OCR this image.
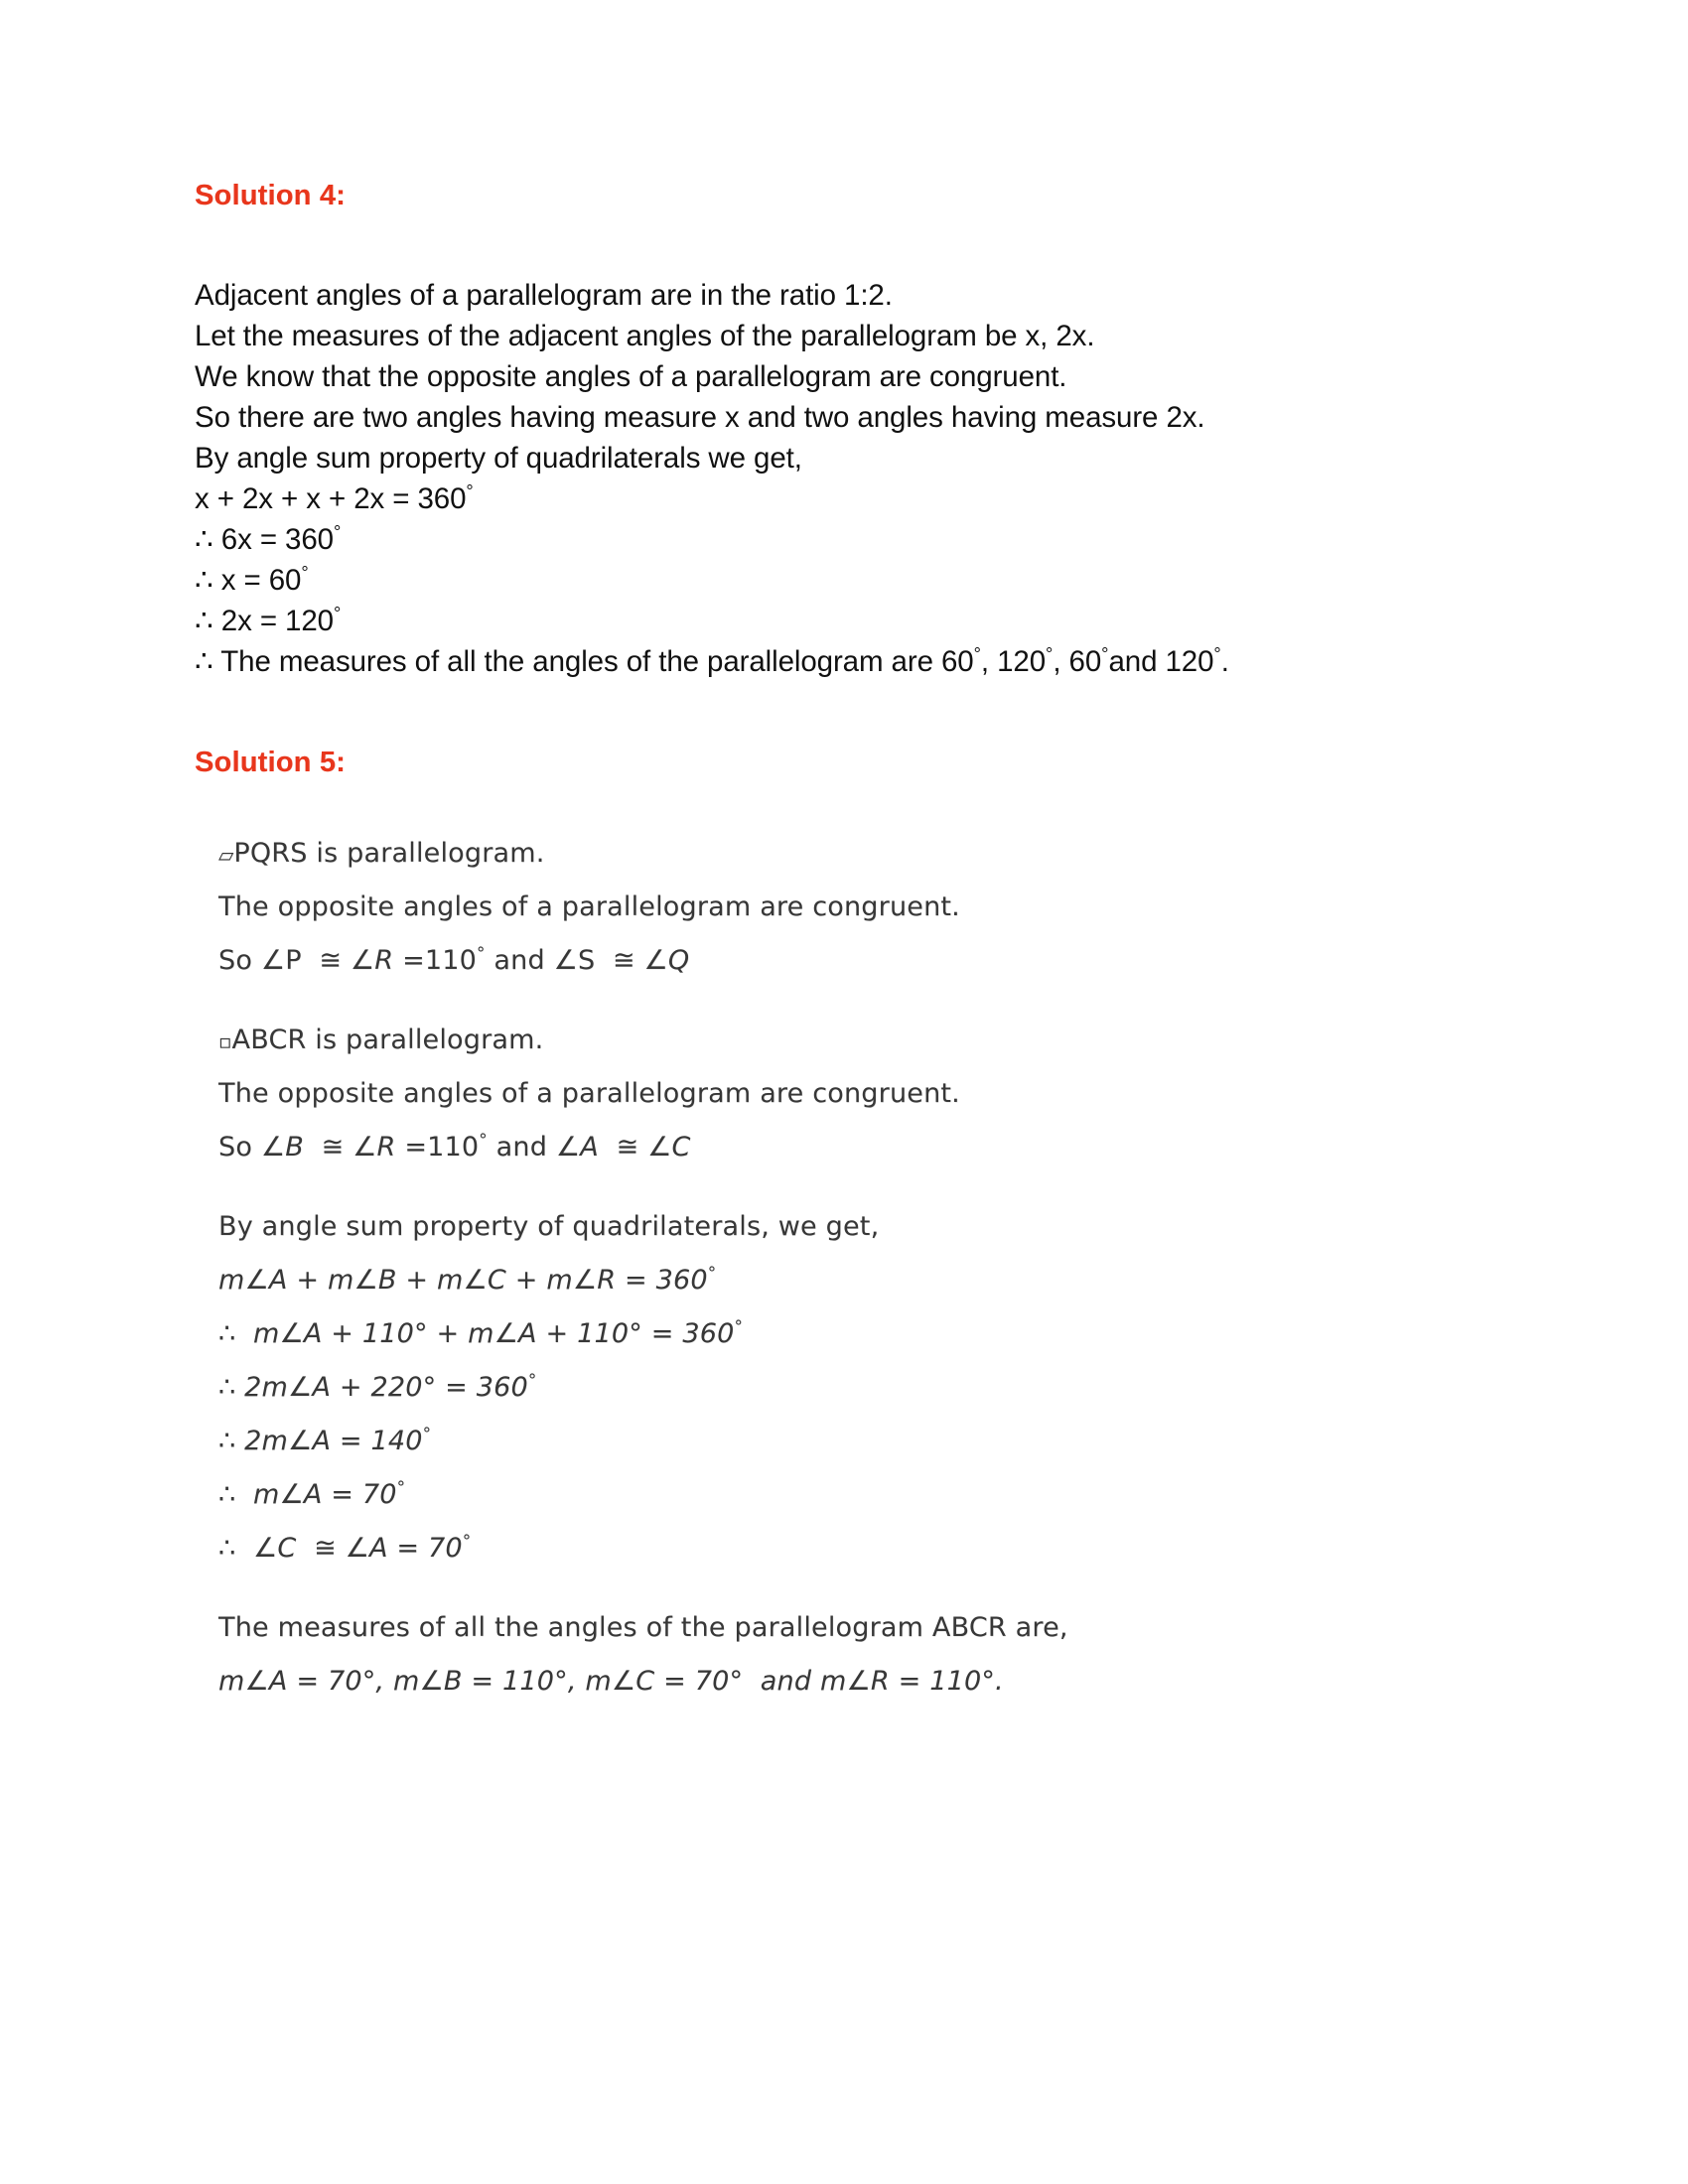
Solution 4:
Adjacent angles of a parallelogram are in the ratio 1:2.
Let the measures of the adjacent angles of the parallelogram be x, 2x.
We know that the opposite angles of a parallelogram are congruent.
So there are two angles having measure x and two angles having measure 2x.
By angle sum property of quadrilaterals we get,
x + 2x + x + 2x = 360°
∴ 6x = 360°
∴ x = 60°
∴ 2x = 120°
∴ The measures of all the angles of the parallelogram are 60°, 120°, 60°and 120°.
Solution 5:
▱PQRS is parallelogram.
The opposite angles of a parallelogram are congruent.
So ∠P  ≅ ∠R =110° and ∠S  ≅ ∠Q
▫ABCR is parallelogram.
The opposite angles of a parallelogram are congruent.
So ∠B  ≅ ∠R =110° and ∠A  ≅ ∠C
By angle sum property of quadrilaterals, we get,
m∠A + m∠B + m∠C + m∠R = 360°
∴  m∠A + 110° + m∠A + 110° = 360°
∴ 2m∠A + 220° = 360°
∴ 2m∠A = 140°
∴  m∠A = 70°
∴  ∠C  ≅ ∠A = 70°
The measures of all the angles of the parallelogram ABCR are,
m∠A = 70°, m∠B = 110°, m∠C = 70°  and m∠R = 110°.
